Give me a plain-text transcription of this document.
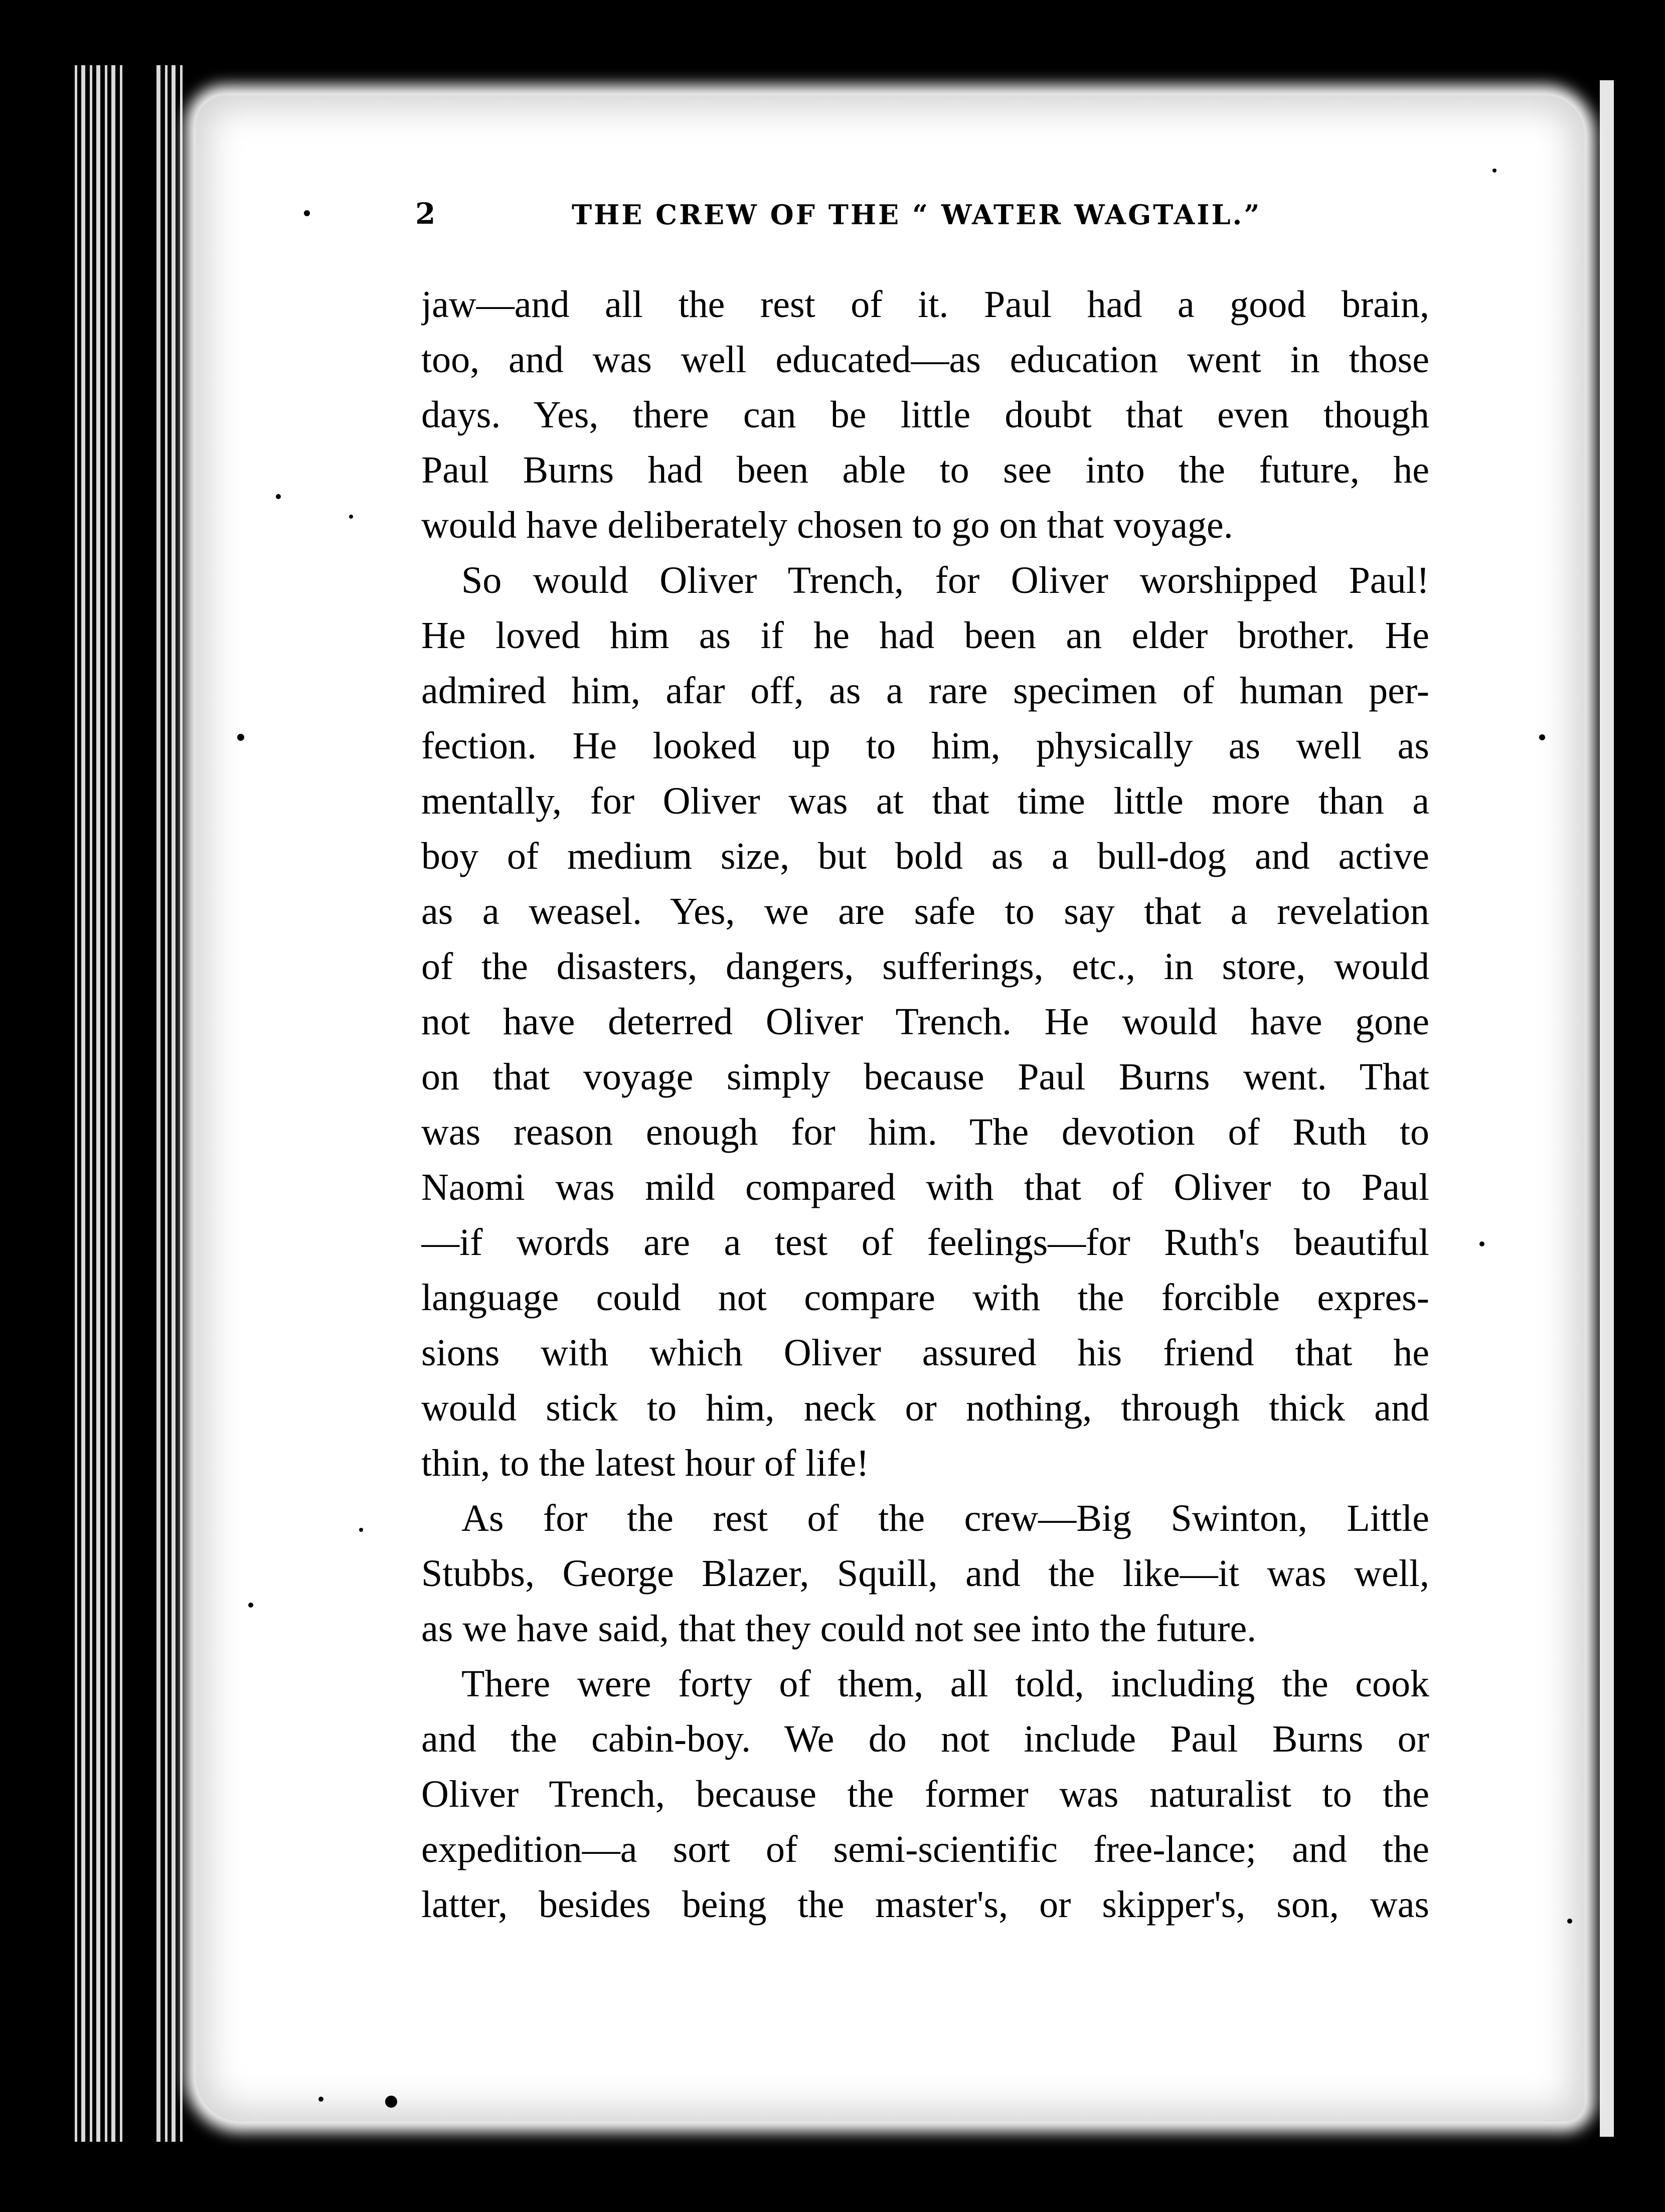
2	THE CREW OF THE “ WATER WAGTAIL.”
jaw—and all the rest of it. Paul had a good brain,
too, and was well educated—as education went in those
days. Yes, there can be little doubt that even though
Paul Burns had been able to see into the future, he
would have deliberately chosen to go on that voyage.
So would Oliver Trench, for Oliver worshipped Paul!
He loved him as if he had been an elder brother. He
admired him, afar off, as a rare specimen of human per-
fection. He looked up to him, physically as well as
mentally, for Oliver was at that time little more than a
boy of medium size, but bold as a bull-dog and active
as a weasel. Yes, we are safe to say that a revelation
of the disasters, dangers, sufferings, etc., in store, would
not have deterred Oliver Trench. He would have gone
on that voyage simply because Paul Burns went. That
was reason enough for him. The devotion of Ruth to
Naomi was mild compared with that of Oliver to Paul
—if words are a test of feelings—for Ruth's beautiful
language could not compare with the forcible expres-
sions with which Oliver assured his friend that he
would stick to him, neck or nothing, through thick and
thin, to the latest hour of life!
As for the rest of the crew—Big Swinton, Little
Stubbs, George Blazer, Squill, and the like—it was well,
as we have said, that they could not see into the future.
There were forty of them, all told, including the cook
and the cabin-boy. We do not include Paul Burns or
Oliver Trench, because the former was naturalist to the
expedition—a sort of semi-scientific free-lance; and the
latter, besides being the master's, or skipper's, son, was
